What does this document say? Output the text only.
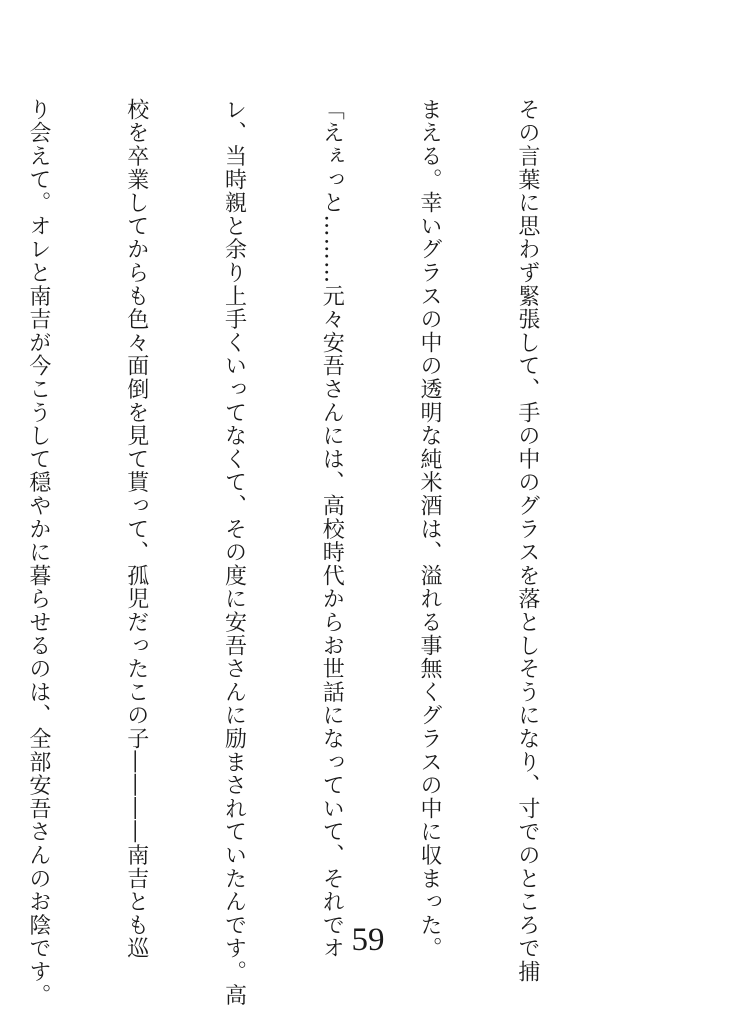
その言葉に思わず緊張して、手の中のグラスを落としそうになり、寸でのところで捕

まえる。幸いグラスの中の透明な純米酒は、溢れる事無くグラスの中に収まった。

「えぇっと………元々安吾さんには、高校時代からお世話になっていて、それでオ

レ、当時親と余り上手くいってなくて、その度に安吾さんに励まされていたんです。高

校を卒業してからも色々面倒を見て貰って、孤児だったこの子――――南吉とも巡

り会えて。オレと南吉が今こうして穏やかに暮らせるのは、全部安吾さんのお陰です。

	59
